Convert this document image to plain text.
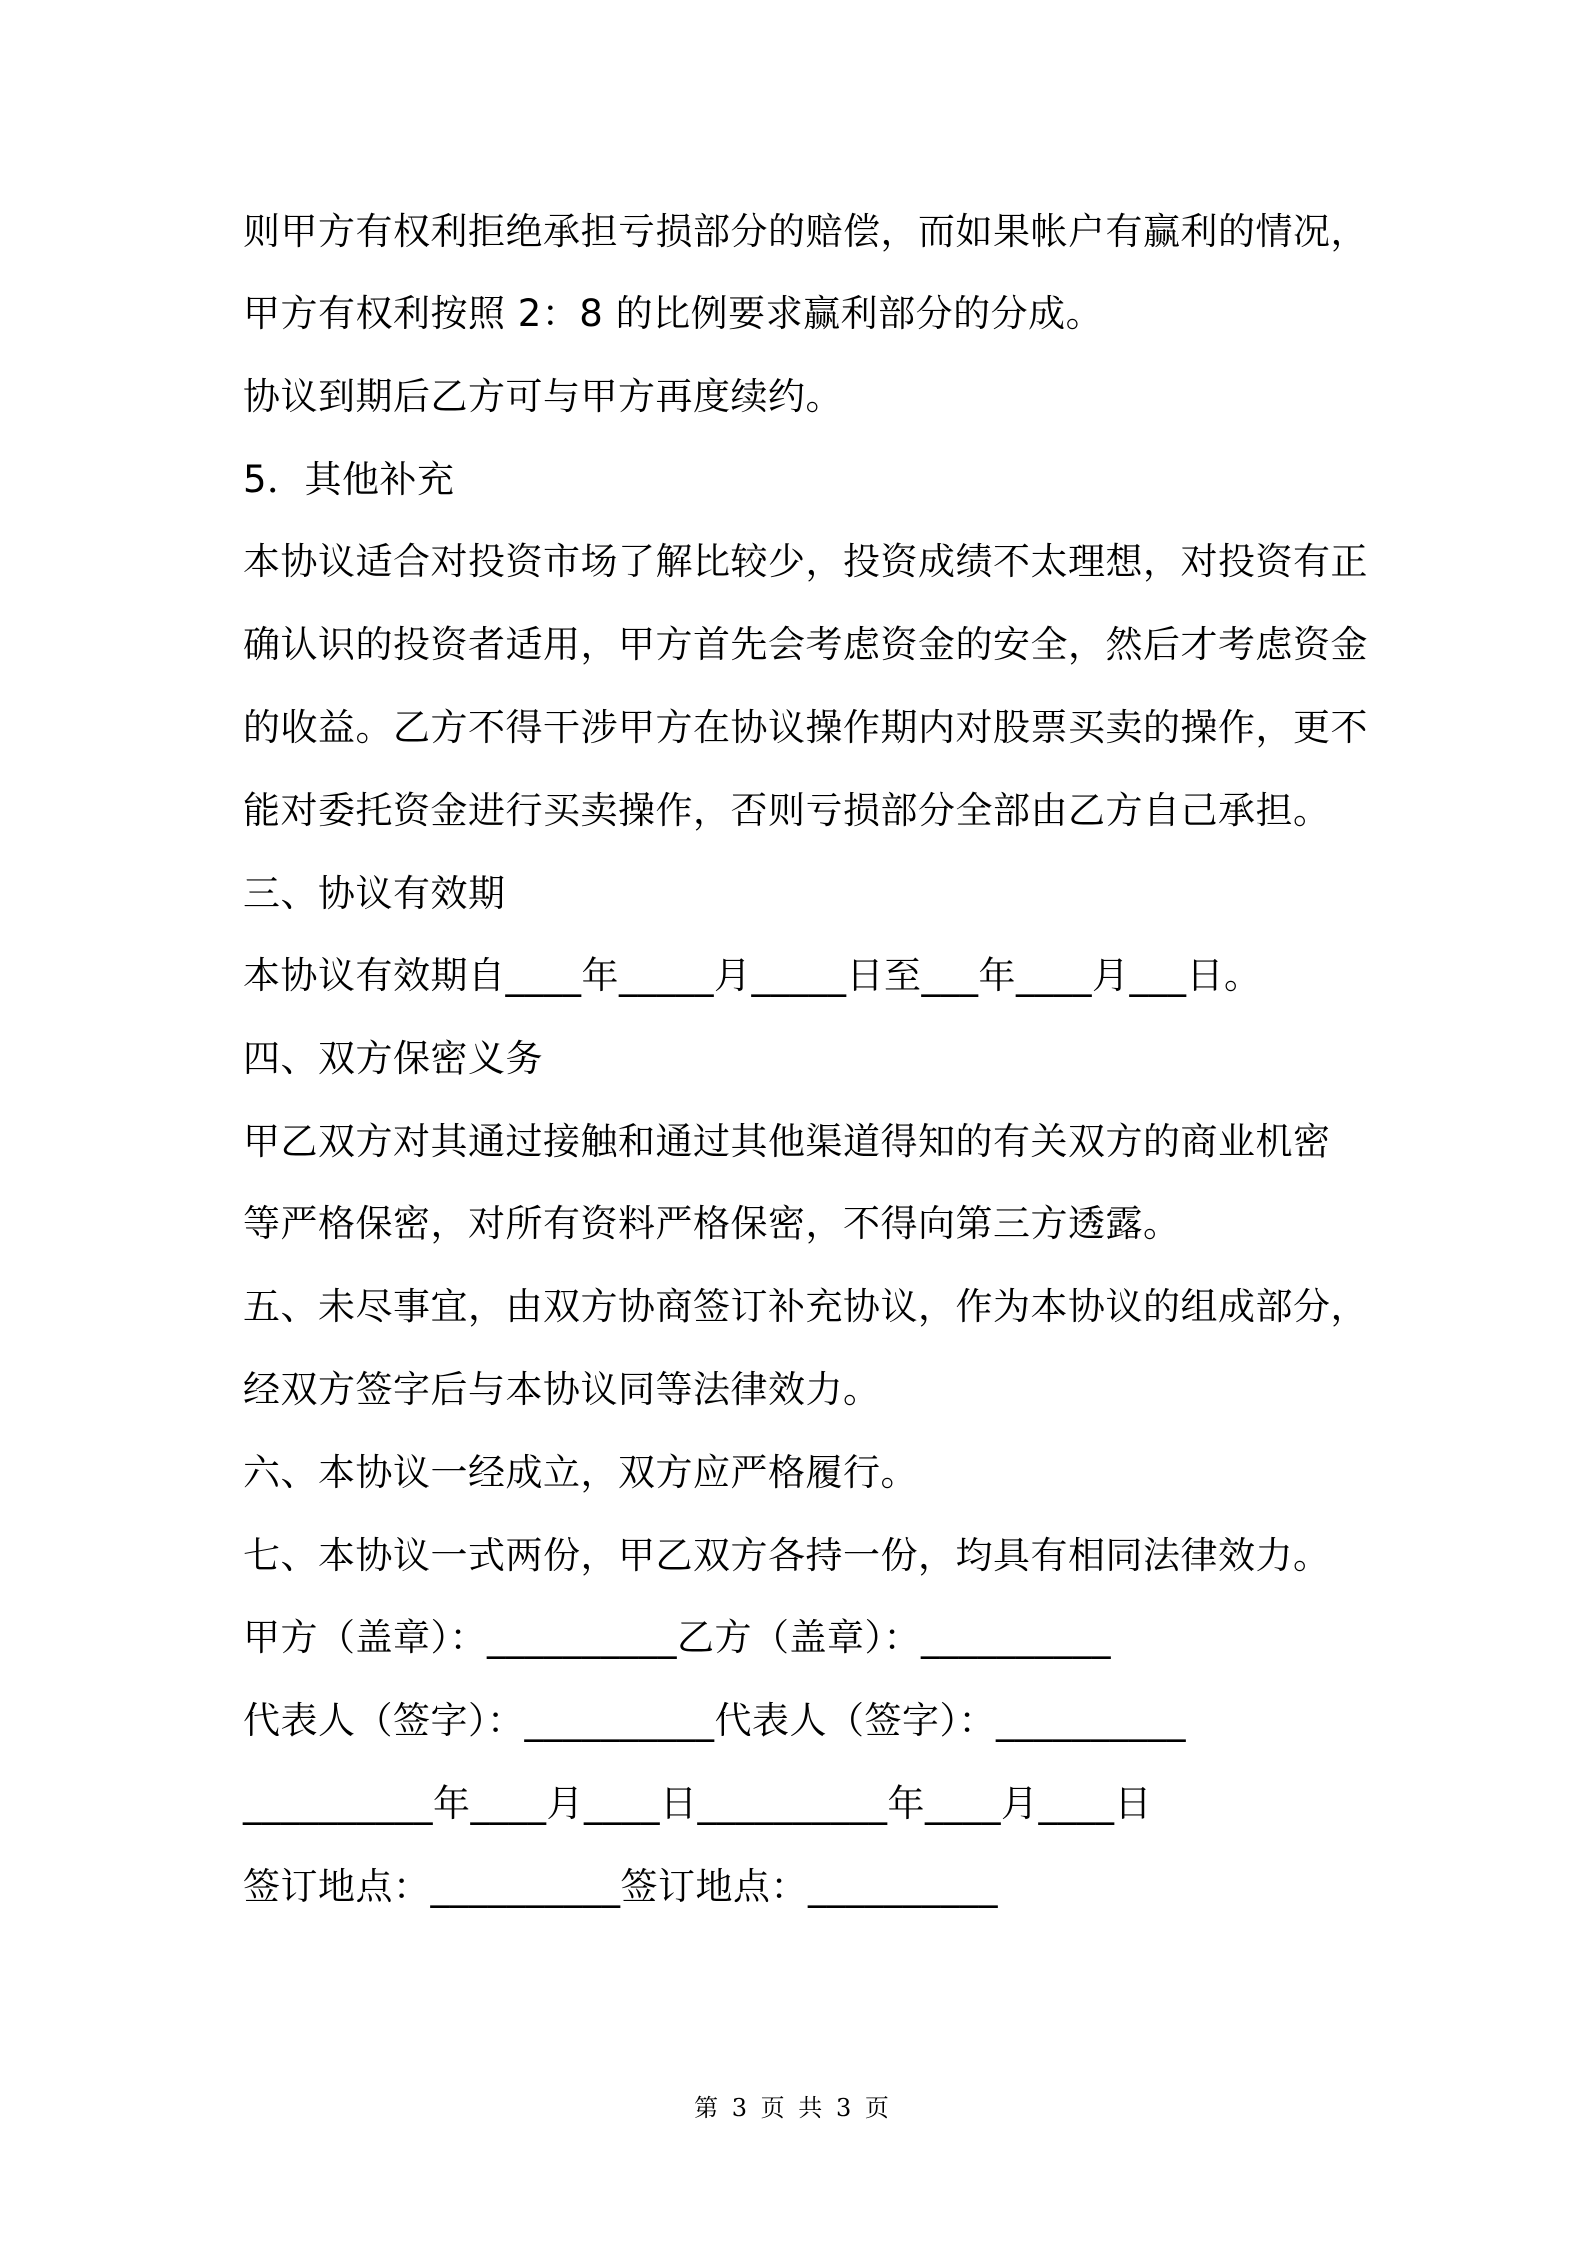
则甲方有权利拒绝承担亏损部分的赔偿，而如果帐户有赢利的情况，
甲方有权利按照 2：8 的比例要求赢利部分的分成。
协议到期后乙方可与甲方再度续约。
5．其他补充
本协议适合对投资市场了解比较少，投资成绩不太理想，对投资有正
确认识的投资者适用，甲方首先会考虑资金的安全，然后才考虑资金
的收益。乙方不得干涉甲方在协议操作期内对股票买卖的操作，更不
能对委托资金进行买卖操作，否则亏损部分全部由乙方自己承担。
三、协议有效期
本协议有效期自____年_____月_____日至___年____月___日。
四、双方保密义务
甲乙双方对其通过接触和通过其他渠道得知的有关双方的商业机密
等严格保密，对所有资料严格保密，不得向第三方透露。
五、未尽事宜，由双方协商签订补充协议，作为本协议的组成部分，
经双方签字后与本协议同等法律效力。
六、本协议一经成立，双方应严格履行。
七、本协议一式两份，甲乙双方各持一份，均具有相同法律效力。
甲方（盖章）：__________乙方（盖章）：__________
代表人（签字）：__________代表人（签字）：__________
__________年____月____日__________年____月____日
签订地点：__________签订地点：__________
第 3 页 共 3 页
